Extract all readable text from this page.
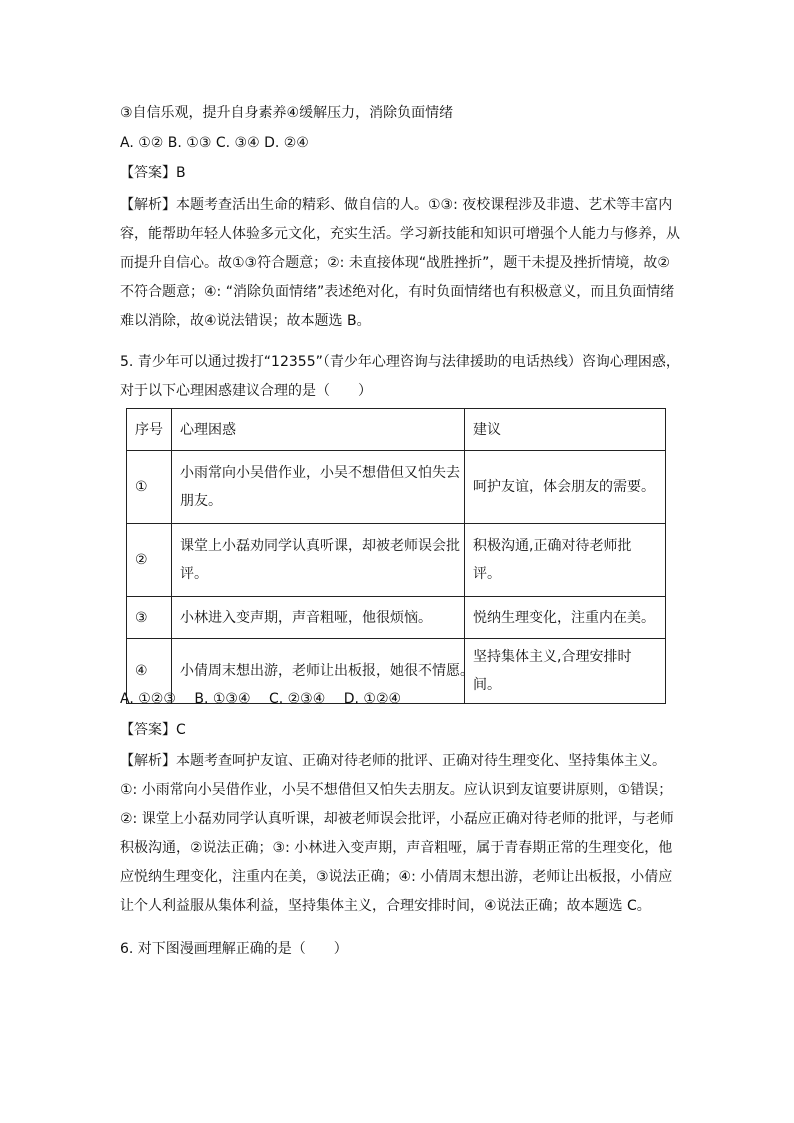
③自信乐观，提升自身素养④缓解压力，消除负面情绪
A. ①② B. ①③ C. ③④ D. ②④
【答案】B
【解析】本题考查活出生命的精彩、做自信的人。①③: 夜校课程涉及非遗、艺术等丰富内
容，能帮助年轻人体验多元文化，充实生活。学习新技能和知识可增强个人能力与修养，从
而提升自信心。故①③符合题意；②: 未直接体现“战胜挫折”，题干未提及挫折情境，故②
不符合题意；④: “消除负面情绪”表述绝对化，有时负面情绪也有积极意义，而且负面情绪
难以消除，故④说法错误；故本题选 B。
5. 青少年可以通过拨打“12355”（青少年心理咨询与法律援助的电话热线）咨询心理困惑，
对于以下心理困惑建议合理的是（　　）
序号	心理困惑	建议
①	小雨常向小吴借作业，小吴不想借但又怕失去
朋友。	呵护友谊，体会朋友的需要。
②	课堂上小磊劝同学认真听课，却被老师误会批
评。	积极沟通,正确对待老师批评。
③	小林进入变声期，声音粗哑，他很烦恼。	悦纳生理变化，注重内在美。
④	小倩周末想出游，老师让出板报，她很不情愿。	坚持集体主义,合理安排时间。
A. ①②③　 B. ①③④　 C. ②③④　 D. ①②④
【答案】C
【解析】本题考查呵护友谊、正确对待老师的批评、正确对待生理变化、坚持集体主义。
①: 小雨常向小吴借作业，小吴不想借但又怕失去朋友。应认识到友谊要讲原则，①错误；
②: 课堂上小磊劝同学认真听课，却被老师误会批评，小磊应正确对待老师的批评，与老师
积极沟通，②说法正确；③: 小林进入变声期，声音粗哑，属于青春期正常的生理变化，他
应悦纳生理变化，注重内在美，③说法正确；④: 小倩周末想出游，老师让出板报，小倩应
让个人利益服从集体利益，坚持集体主义，合理安排时间，④说法正确；故本题选 C。
6. 对下图漫画理解正确的是（　　）
